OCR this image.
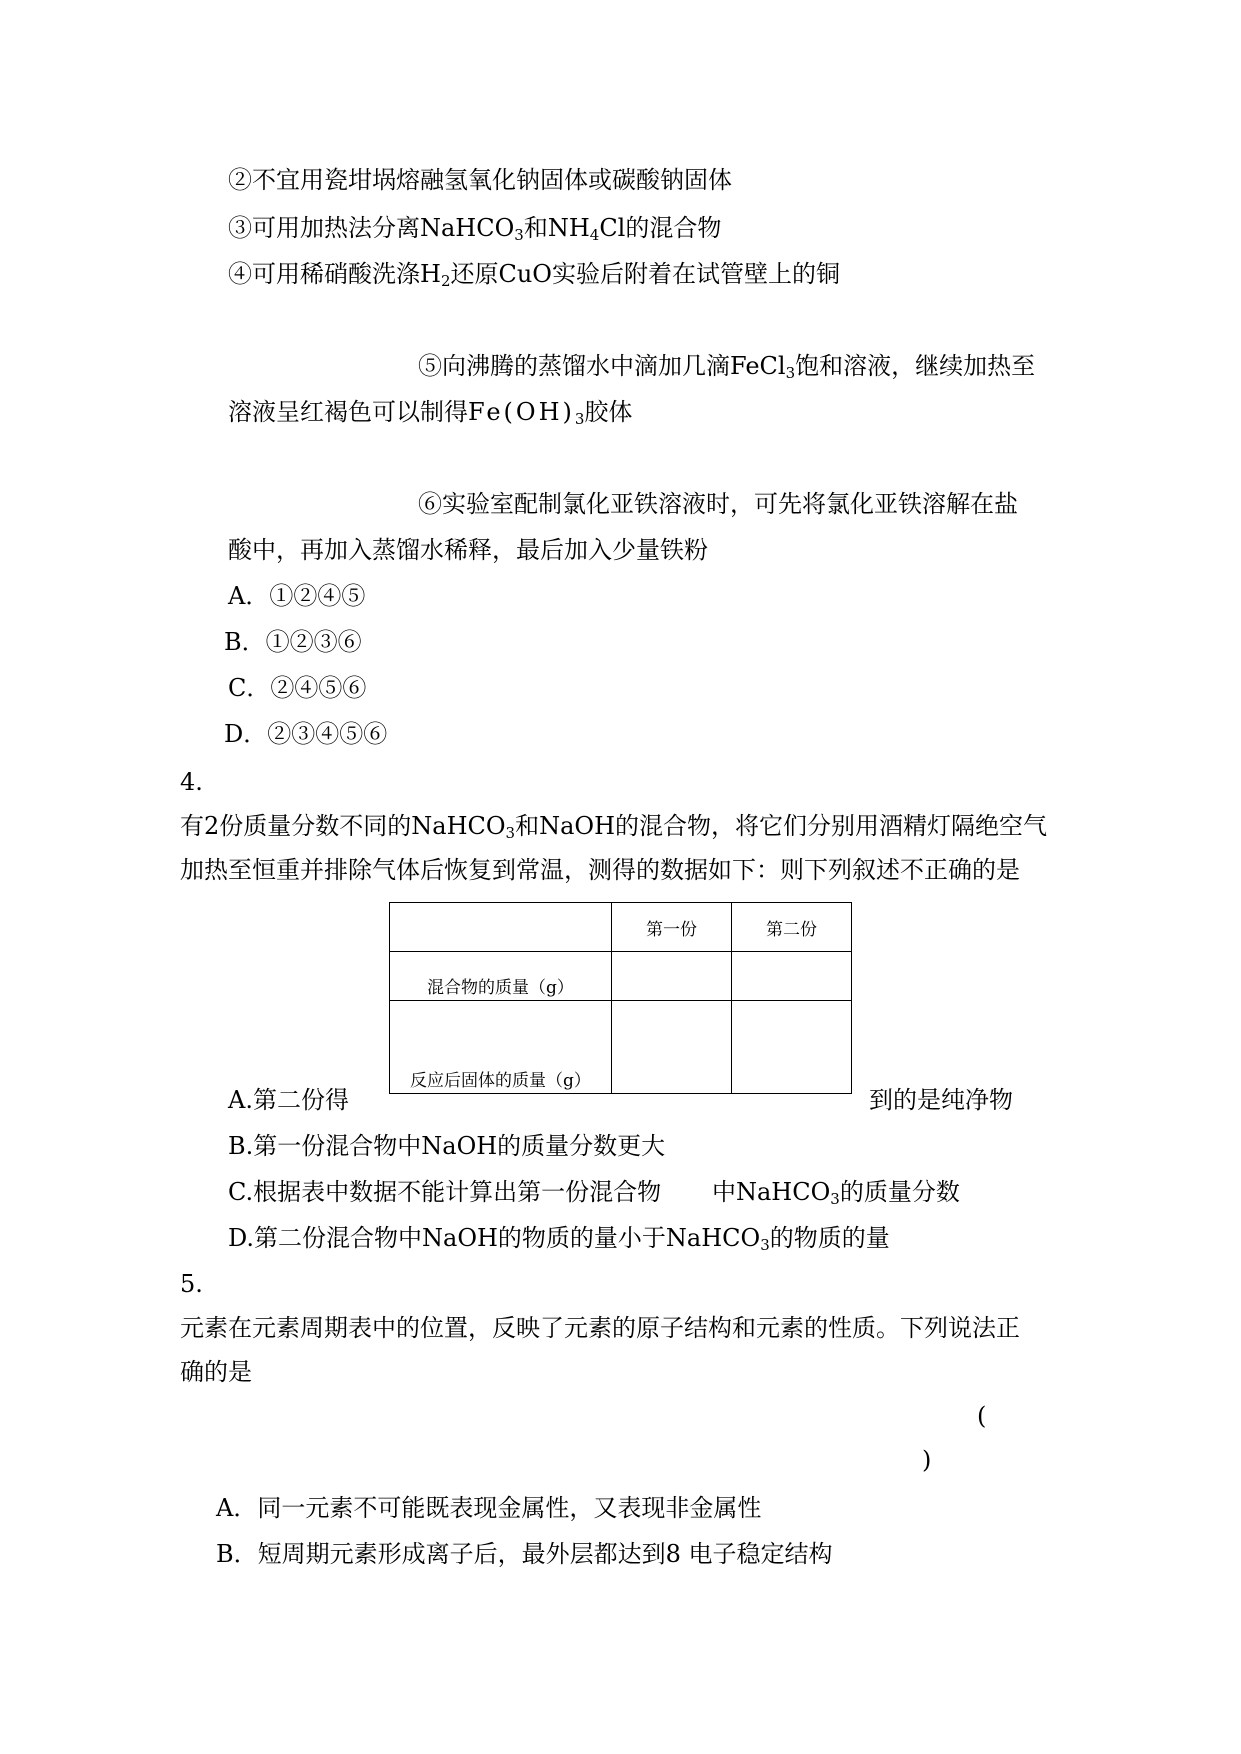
②不宜用瓷坩埚熔融氢氧化钠固体或碳酸钠固体
③可用加热法分离NaHCO$_3$和$NH_4Cl$的混合物
④可用稀硝酸洗涤$H_2$还原CuO实验后附着在试管壁上的铜
⑤向沸腾的蒸馏水中滴加几滴FeCl$_3$饱和溶液，继续加热至
溶液呈红褐色可以制得$Fe(OH)_3$胶体
⑥实验室配制氯化亚铁溶液时，可先将氯化亚铁溶解在盐
酸中，再加入蒸馏水稀释，最后加入少量铁粉
A．①②④⑤
B．①②③⑥
C．②④⑤⑥
D．②③④⑤⑥
4.
有2份质量分数不同的NaHCO$_3$和NaOH的混合物，将它们分别用酒精灯隔绝空气
加热至恒重并排除气体后恢复到常温，测得的数据如下：则下列叙述不正确的是
	第一份	第二份
混合物的质量（g）		
反应后固体的质量（g）		
A.第二份得	到的是纯净物
B.第一份混合物中NaOH的质量分数更大
C.根据表中数据不能计算出第一份混合物 中NaHCO$_3$的质量分数
D.第二份混合物中NaOH的物质的量小于NaHCO$_3$的物质的量
5.
元素在元素周期表中的位置，反映了元素的原子结构和元素的性质。下列说法正
确的是
(
)
A．同一元素不可能既表现金属性，又表现非金属性
B．短周期元素形成离子后，最外层都达到8 电子稳定结构
